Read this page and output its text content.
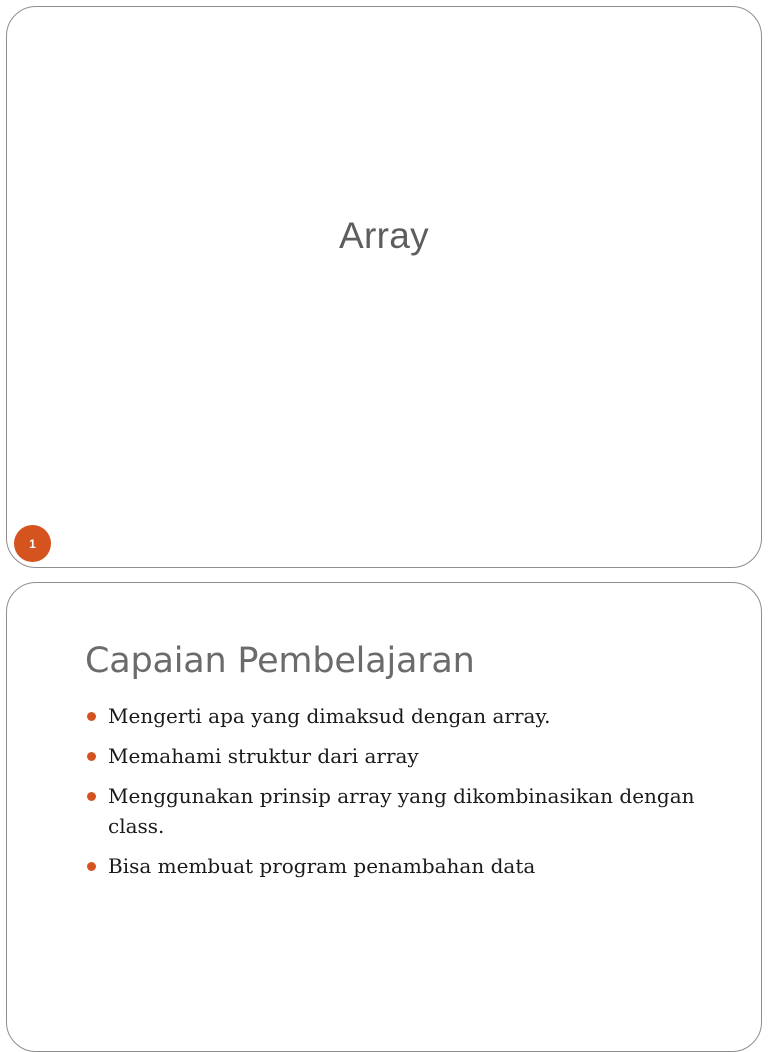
Array
1
Capaian Pembelajaran
Mengerti apa yang dimaksud dengan array.
Memahami struktur dari array
Menggunakan prinsip array yang dikombinasikan dengan class.
Bisa membuat program penambahan data
